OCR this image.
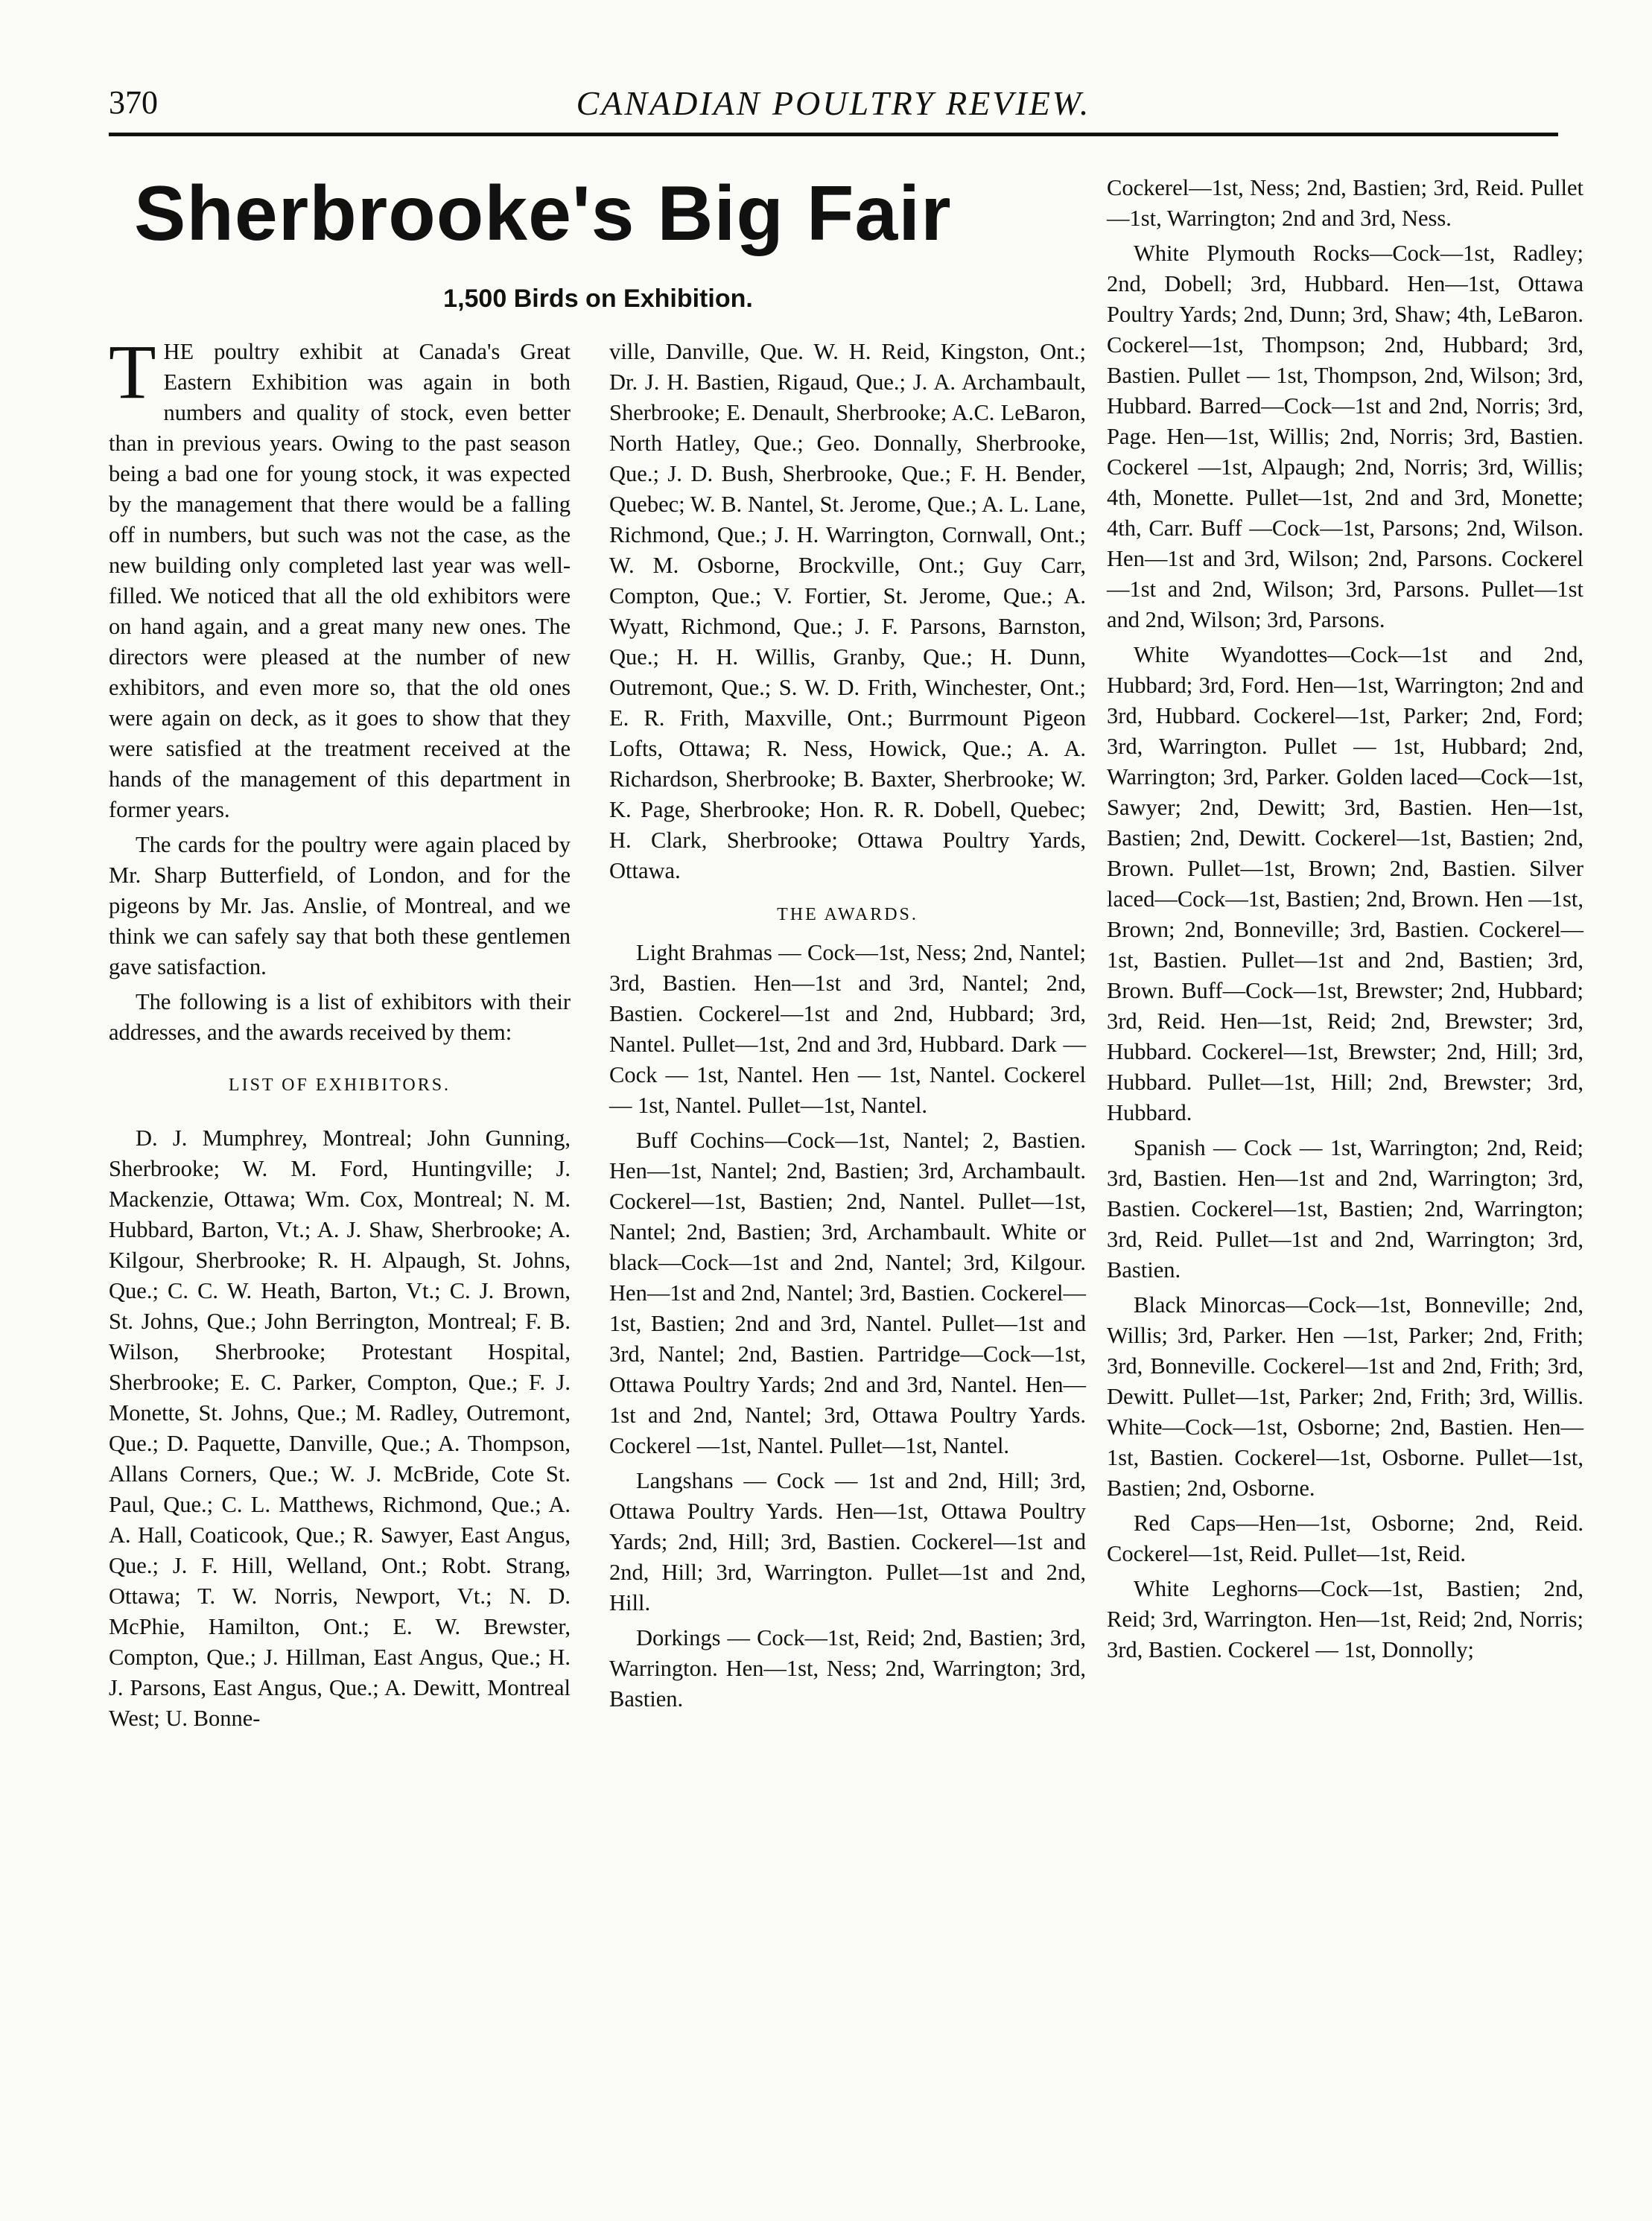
370	CANADIAN POULTRY REVIEW.
Sherbrooke's Big Fair
1,500 Birds on Exhibition.

THE poultry exhibit at Canada's Great Eastern Exhibition was again in both numbers and quality of stock, even better than in previous years. Owing to the past season being a bad one for young stock, it was expected by the management that there would be a falling off in numbers, but such was not the case, as the new building only completed last year was well-filled. We noticed that all the old exhibitors were on hand again, and a great many new ones. The directors were pleased at the number of new exhibitors, and even more so, that the old ones were again on deck, as it goes to show that they were satisfied at the treatment received at the hands of the management of this department in former years.

The cards for the poultry were again placed by Mr. Sharp Butterfield, of London, and for the pigeons by Mr. Jas. Anslie, of Montreal, and we think we can safely say that both these gentlemen gave satisfaction.

The following is a list of exhibitors with their addresses, and the awards received by them:

LIST OF EXHIBITORS.

D. J. Mumphrey, Montreal; John Gunning, Sherbrooke; W. M. Ford, Huntingville; J. Mackenzie, Ottawa; Wm. Cox, Montreal; N. M. Hubbard, Barton, Vt.; A. J. Shaw, Sherbrooke; A. Kilgour, Sherbrooke; R. H. Alpaugh, St. Johns, Que.; C. C. W. Heath, Barton, Vt.; C. J. Brown, St. Johns, Que.; John Berrington, Montreal; F. B. Wilson, Sherbrooke; Protestant Hospital, Sherbrooke; E. C. Parker, Compton, Que.; F. J. Monette, St. Johns, Que.; M. Radley, Outremont, Que.; D. Paquette, Danville, Que.; A. Thompson, Allans Corners, Que.; W. J. McBride, Cote St. Paul, Que.; C. L. Matthews, Richmond, Que.; A. A. Hall, Coaticook, Que.; R. Sawyer, East Angus, Que.; J. F. Hill, Welland, Ont.; Robt. Strang, Ottawa; T. W. Norris, Newport, Vt.; N. D. McPhie, Hamilton, Ont.; E. W. Brewster, Compton, Que.; J. Hillman, East Angus, Que.; H. J. Parsons, East Angus, Que.; A. Dewitt, Montreal West; U. Bonne-

ville, Danville, Que. W. H. Reid, Kingston, Ont.; Dr. J. H. Bastien, Rigaud, Que.; J. A. Archambault, Sherbrooke; E. Denault, Sherbrooke; A.C. LeBaron, North Hatley, Que.; Geo. Donnally, Sherbrooke, Que.; J. D. Bush, Sherbrooke, Que.; F. H. Bender, Quebec; W. B. Nantel, St. Jerome, Que.; A. L. Lane, Richmond, Que.; J. H. Warrington, Cornwall, Ont.; W. M. Osborne, Brockville, Ont.; Guy Carr, Compton, Que.; V. Fortier, St. Jerome, Que.; A. Wyatt, Richmond, Que.; J. F. Parsons, Barnston, Que.; H. H. Willis, Granby, Que.; H. Dunn, Outremont, Que.; S. W. D. Frith, Winchester, Ont.; E. R. Frith, Maxville, Ont.; Burrmount Pigeon Lofts, Ottawa; R. Ness, Howick, Que.; A. A. Richardson, Sherbrooke; B. Baxter, Sherbrooke; W. K. Page, Sherbrooke; Hon. R. R. Dobell, Quebec; H. Clark, Sherbrooke; Ottawa Poultry Yards, Ottawa.

THE AWARDS.

Light Brahmas — Cock—1st, Ness; 2nd, Nantel; 3rd, Bastien. Hen—1st and 3rd, Nantel; 2nd, Bastien. Cockerel—1st and 2nd, Hubbard; 3rd, Nantel. Pullet—1st, 2nd and 3rd, Hubbard. Dark — Cock — 1st, Nantel. Hen — 1st, Nantel. Cockerel — 1st, Nantel. Pullet—1st, Nantel.

Buff Cochins—Cock—1st, Nantel; 2, Bastien. Hen—1st, Nantel; 2nd, Bastien; 3rd, Archambault. Cockerel—1st, Bastien; 2nd, Nantel. Pullet—1st, Nantel; 2nd, Bastien; 3rd, Archambault. White or black—Cock—1st and 2nd, Nantel; 3rd, Kilgour. Hen—1st and 2nd, Nantel; 3rd, Bastien. Cockerel—1st, Bastien; 2nd and 3rd, Nantel. Pullet—1st and 3rd, Nantel; 2nd, Bastien. Partridge—Cock—1st, Ottawa Poultry Yards; 2nd and 3rd, Nantel. Hen—1st and 2nd, Nantel; 3rd, Ottawa Poultry Yards. Cockerel —1st, Nantel. Pullet—1st, Nantel.

Langshans — Cock — 1st and 2nd, Hill; 3rd, Ottawa Poultry Yards. Hen—1st, Ottawa Poultry Yards; 2nd, Hill; 3rd, Bastien. Cockerel—1st and 2nd, Hill; 3rd, Warrington. Pullet—1st and 2nd, Hill.

Dorkings — Cock—1st, Reid; 2nd, Bastien; 3rd, Warrington. Hen—1st, Ness; 2nd, Warrington; 3rd, Bastien.

Cockerel—1st, Ness; 2nd, Bastien; 3rd, Reid. Pullet—1st, Warrington; 2nd and 3rd, Ness.

White Plymouth Rocks—Cock—1st, Radley; 2nd, Dobell; 3rd, Hubbard. Hen—1st, Ottawa Poultry Yards; 2nd, Dunn; 3rd, Shaw; 4th, LeBaron. Cockerel—1st, Thompson; 2nd, Hubbard; 3rd, Bastien. Pullet — 1st, Thompson, 2nd, Wilson; 3rd, Hubbard. Barred—Cock—1st and 2nd, Norris; 3rd, Page. Hen—1st, Willis; 2nd, Norris; 3rd, Bastien. Cockerel —1st, Alpaugh; 2nd, Norris; 3rd, Willis; 4th, Monette. Pullet—1st, 2nd and 3rd, Monette; 4th, Carr. Buff —Cock—1st, Parsons; 2nd, Wilson. Hen—1st and 3rd, Wilson; 2nd, Parsons. Cockerel—1st and 2nd, Wilson; 3rd, Parsons. Pullet—1st and 2nd, Wilson; 3rd, Parsons.

White Wyandottes—Cock—1st and 2nd, Hubbard; 3rd, Ford. Hen—1st, Warrington; 2nd and 3rd, Hubbard. Cockerel—1st, Parker; 2nd, Ford; 3rd, Warrington. Pullet — 1st, Hubbard; 2nd, Warrington; 3rd, Parker. Golden laced—Cock—1st, Sawyer; 2nd, Dewitt; 3rd, Bastien. Hen—1st, Bastien; 2nd, Dewitt. Cockerel—1st, Bastien; 2nd, Brown. Pullet—1st, Brown; 2nd, Bastien. Silver laced—Cock—1st, Bastien; 2nd, Brown. Hen —1st, Brown; 2nd, Bonneville; 3rd, Bastien. Cockerel—1st, Bastien. Pullet—1st and 2nd, Bastien; 3rd, Brown. Buff—Cock—1st, Brewster; 2nd, Hubbard; 3rd, Reid. Hen—1st, Reid; 2nd, Brewster; 3rd, Hubbard. Cockerel—1st, Brewster; 2nd, Hill; 3rd, Hubbard. Pullet—1st, Hill; 2nd, Brewster; 3rd, Hubbard.

Spanish — Cock — 1st, Warrington; 2nd, Reid; 3rd, Bastien. Hen—1st and 2nd, Warrington; 3rd, Bastien. Cockerel—1st, Bastien; 2nd, Warrington; 3rd, Reid. Pullet—1st and 2nd, Warrington; 3rd, Bastien.

Black Minorcas—Cock—1st, Bonneville; 2nd, Willis; 3rd, Parker. Hen —1st, Parker; 2nd, Frith; 3rd, Bonneville. Cockerel—1st and 2nd, Frith; 3rd, Dewitt. Pullet—1st, Parker; 2nd, Frith; 3rd, Willis. White—Cock—1st, Osborne; 2nd, Bastien. Hen—1st, Bastien. Cockerel—1st, Osborne. Pullet—1st, Bastien; 2nd, Osborne.

Red Caps—Hen—1st, Osborne; 2nd, Reid. Cockerel—1st, Reid. Pullet—1st, Reid.

White Leghorns—Cock—1st, Bastien; 2nd, Reid; 3rd, Warrington. Hen—1st, Reid; 2nd, Norris; 3rd, Bastien. Cockerel — 1st, Donnolly;
